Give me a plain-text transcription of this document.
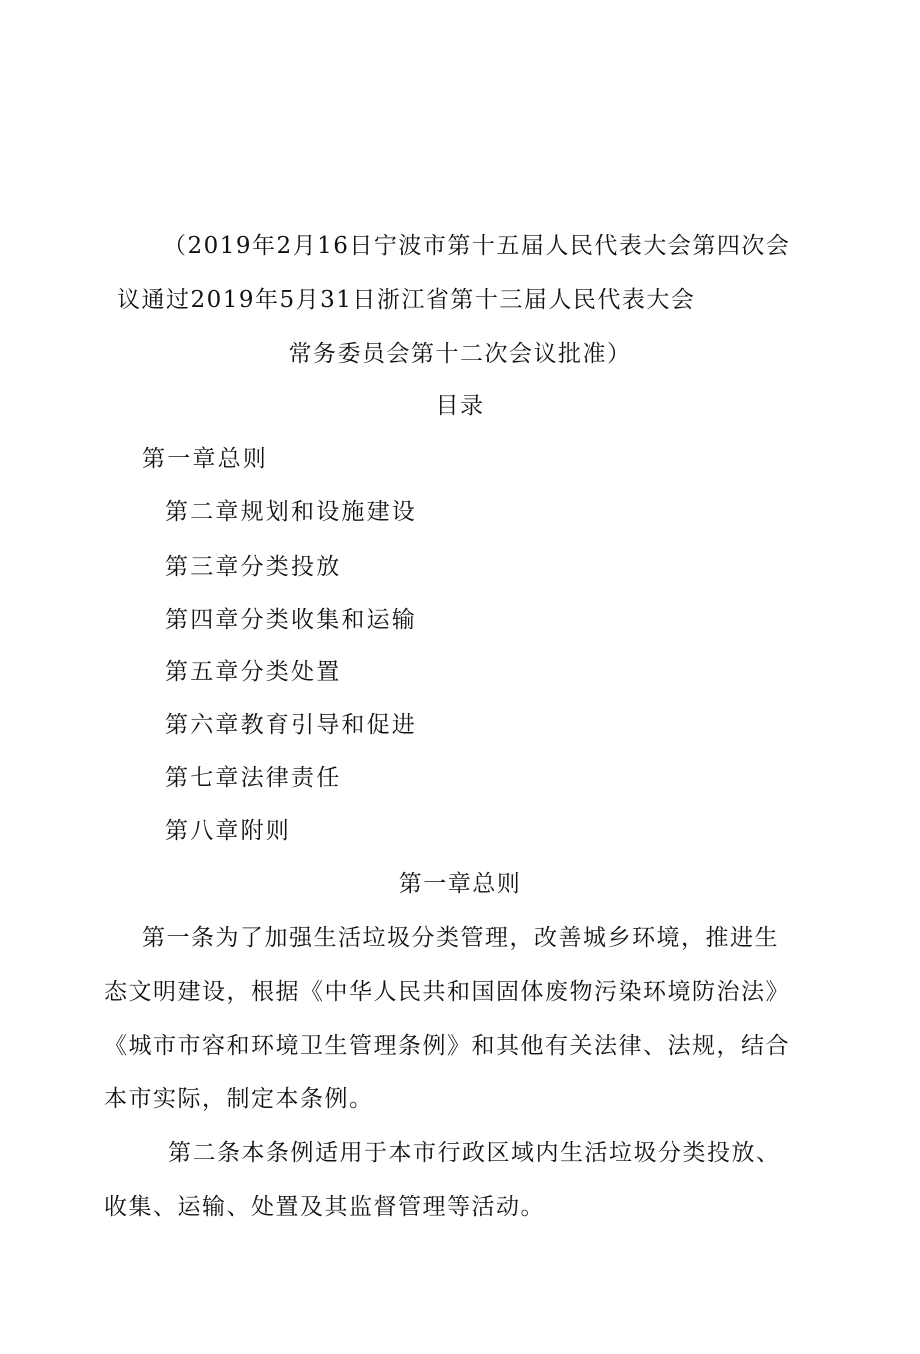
（2019年2月16日宁波市第十五届人民代表大会第四次会
议通过2019年5月31日浙江省第十三届人民代表大会
常务委员会第十二次会议批准）
目录
第一章总则
第二章规划和设施建设
第三章分类投放
第四章分类收集和运输
第五章分类处置
第六章教育引导和促进
第七章法律责任
第八章附则
第一章总则
第一条为了加强生活垃圾分类管理，改善城乡环境，推进生
态文明建设，根据《中华人民共和国固体废物污染环境防治法》
《城市市容和环境卫生管理条例》和其他有关法律、法规，结合
本市实际，制定本条例。
第二条本条例适用于本市行政区域内生活垃圾分类投放、
收集、运输、处置及其监督管理等活动。
